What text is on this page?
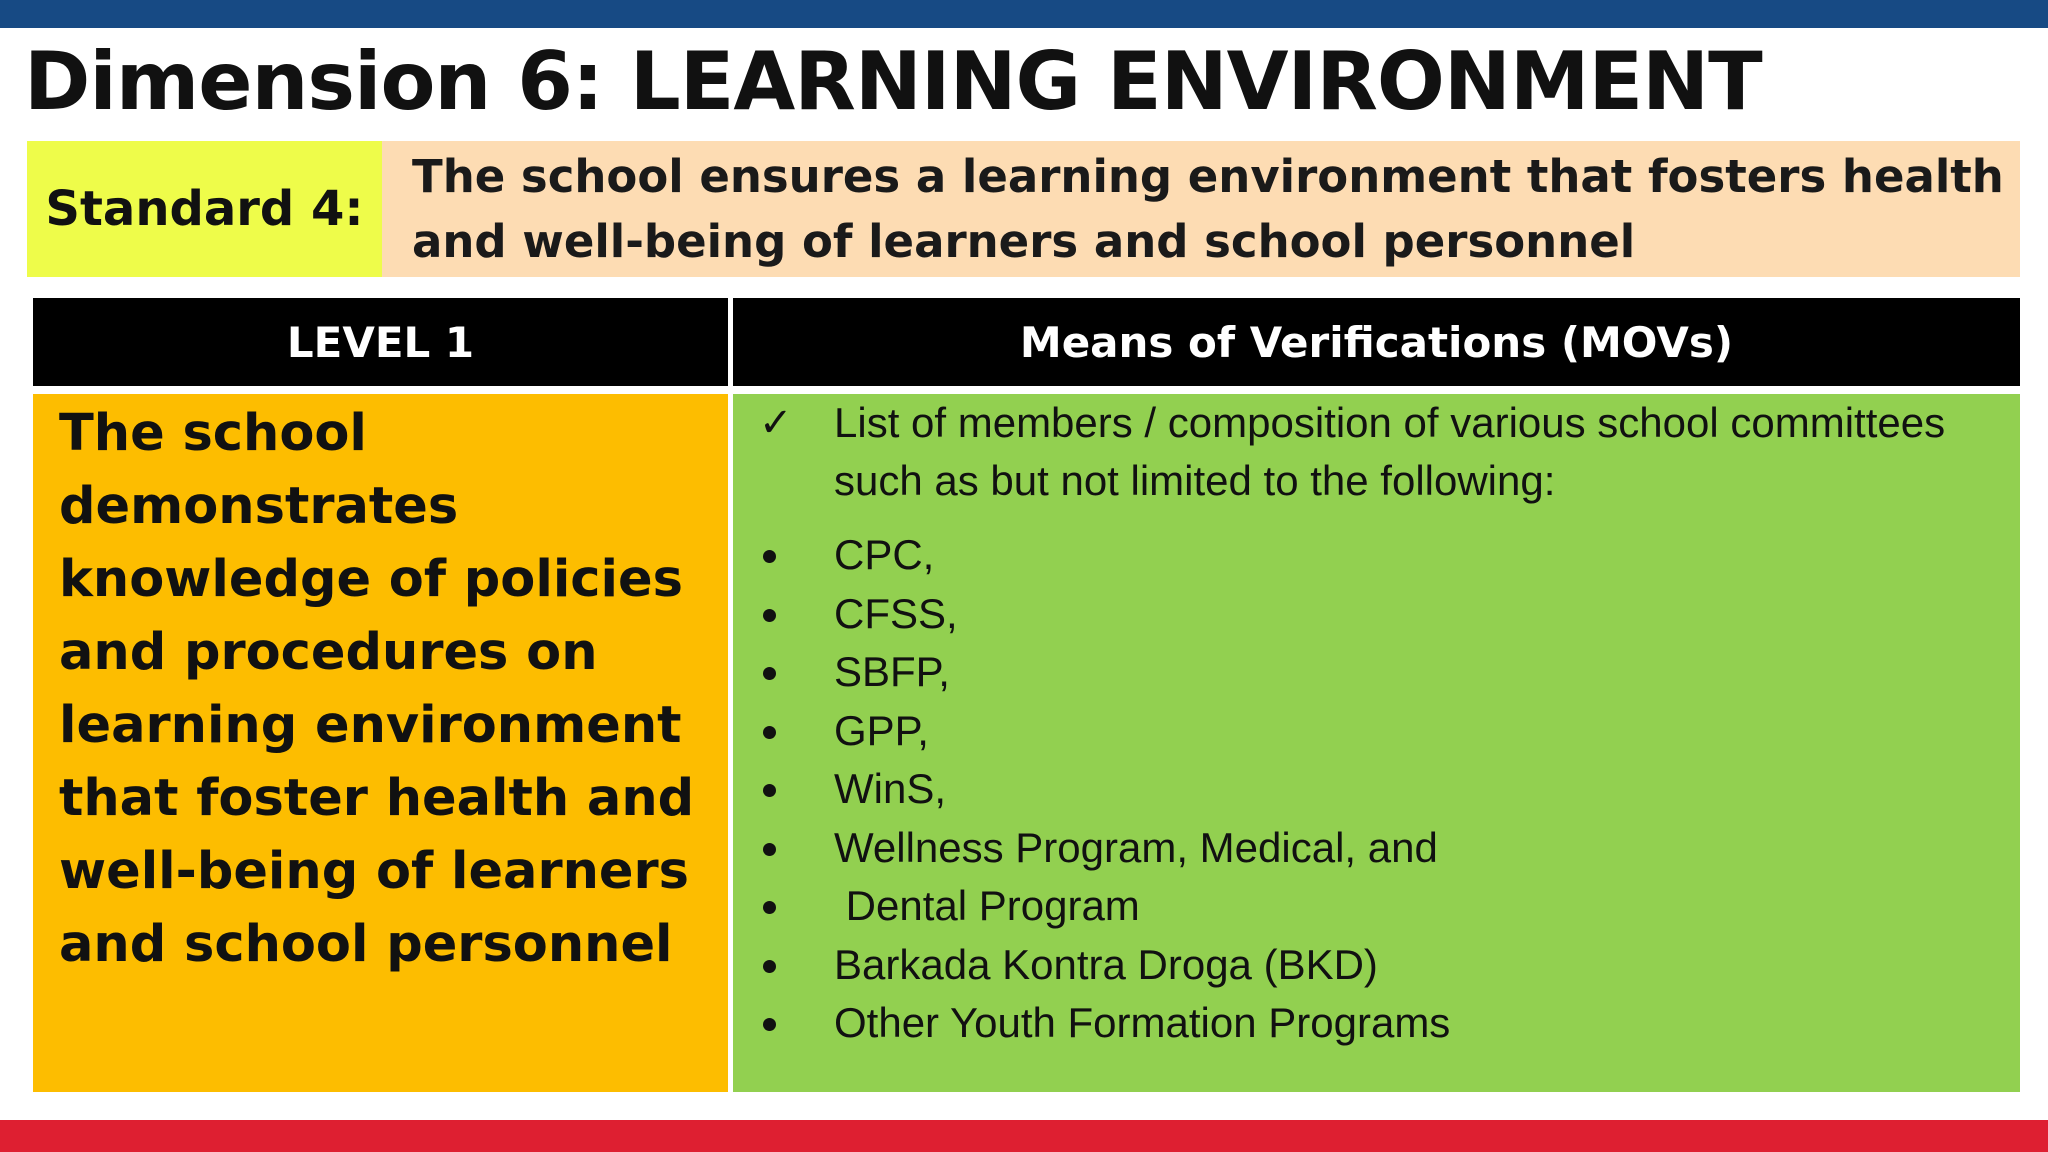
Dimension 6: LEARNING ENVIRONMENT
Standard 4:
The school ensures a learning environment that fosters health and well-being of learners and school personnel
LEVEL 1	Means of Verifications (MOVs)
The school demonstrates knowledge of policies and procedures on learning environment that foster health and well-being of learners and school personnel
✓ List of members / composition of various school committees such as but not limited to the following:
CPC,
CFSS,
SBFP,
GPP,
WinS,
Wellness Program, Medical, and
Dental Program
Barkada Kontra Droga (BKD)
Other Youth Formation Programs
